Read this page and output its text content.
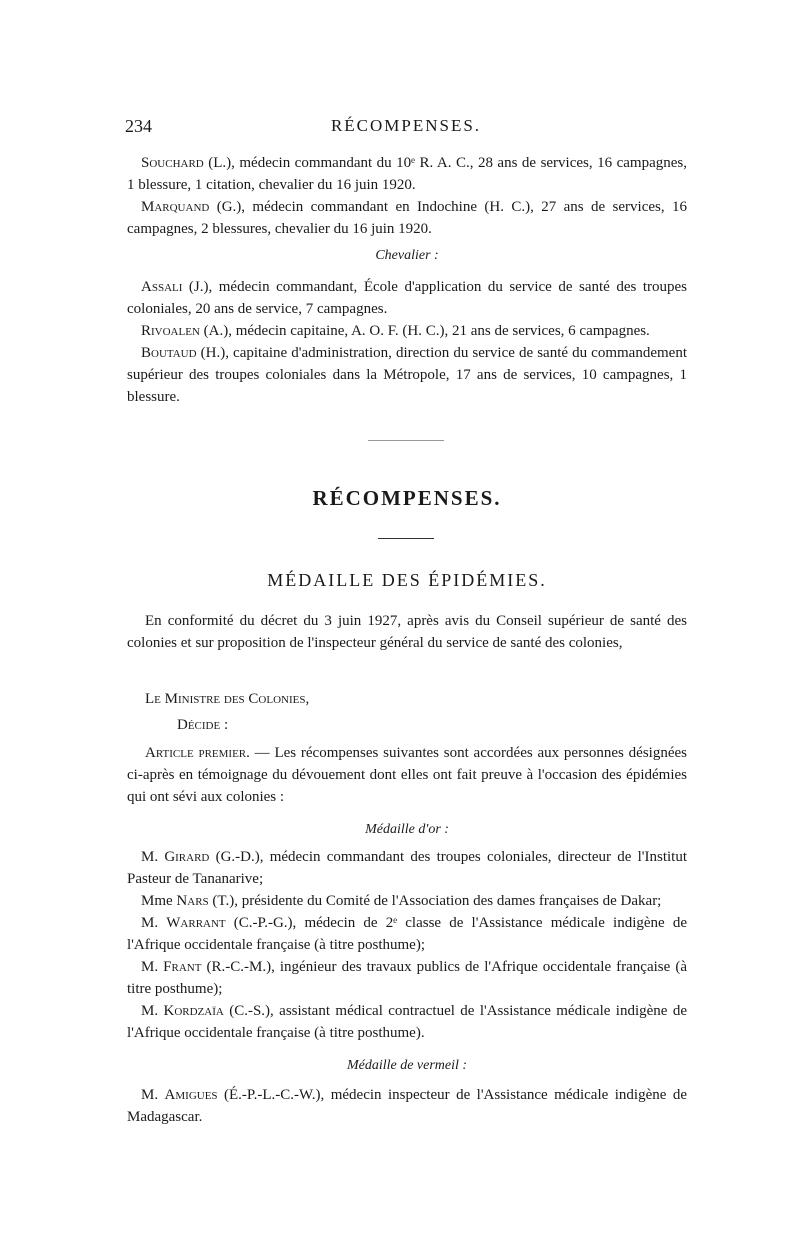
234	RÉCOMPENSES.

Souchard (L.), médecin commandant du 10ᵉ R. A. C., 28 ans de services, 16 campagnes, 1 blessure, 1 citation, chevalier du 16 juin 1920.

Marquand (G.), médecin commandant en Indochine (H. C.), 27 ans de services, 16 campagnes, 2 blessures, chevalier du 16 juin 1920.

Chevalier :

Assali (J.), médecin commandant, École d'application du service de santé des troupes coloniales, 20 ans de service, 7 campagnes.

Rivoalen (A.), médecin capitaine, A. O. F. (H. C.), 21 ans de services, 6 campagnes.

Boutaud (H.), capitaine d'administration, direction du service de santé du commandement supérieur des troupes coloniales dans la Métropole, 17 ans de services, 10 campagnes, 1 blessure.

RÉCOMPENSES.
MÉDAILLE DES ÉPIDÉMIES.

En conformité du décret du 3 juin 1927, après avis du Conseil supérieur de santé des colonies et sur proposition de l'inspecteur général du service de santé des colonies,

Le Ministre des Colonies,
Décide :

Article premier. — Les récompenses suivantes sont accordées aux personnes désignées ci-après en témoignage du dévouement dont elles ont fait preuve à l'occasion des épidémies qui ont sévi aux colonies :

Médaille d'or :

M. Girard (G.-D.), médecin commandant des troupes coloniales, directeur de l'Institut Pasteur de Tananarive;

Mme Nars (T.), présidente du Comité de l'Association des dames françaises de Dakar;

M. Warrant (C.-P.-G.), médecin de 2ᵉ classe de l'Assistance médicale indigène de l'Afrique occidentale française (à titre posthume);

M. Frant (R.-C.-M.), ingénieur des travaux publics de l'Afrique occidentale française (à titre posthume);

M. Kordzaïa (C.-S.), assistant médical contractuel de l'Assistance médicale indigène de l'Afrique occidentale française (à titre posthume).

Médaille de vermeil :

M. Amigues (É.-P.-L.-C.-W.), médecin inspecteur de l'Assistance médicale indigène de Madagascar.
